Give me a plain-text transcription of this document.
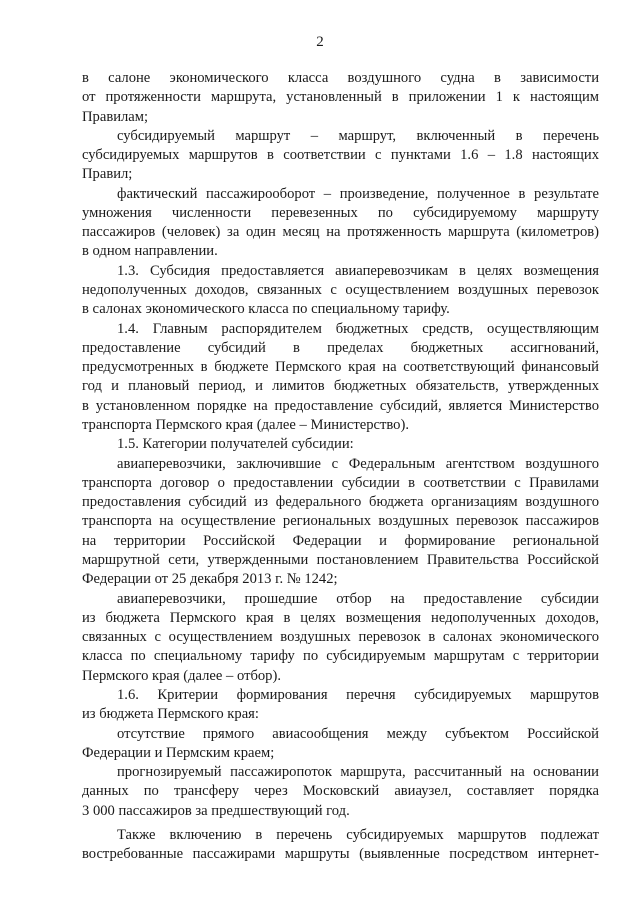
2
в салоне экономического класса воздушного судна в зависимости
от протяженности маршрута, установленный в приложении 1 к настоящим
Правилам;
субсидируемый маршрут – маршрут, включенный в перечень
субсидируемых маршрутов в соответствии с пунктами 1.6 – 1.8 настоящих
Правил;
фактический пассажирооборот – произведение, полученное в результате
умножения численности перевезенных по субсидируемому маршруту
пассажиров (человек) за один месяц на протяженность маршрута (километров)
в одном направлении.
1.3. Субсидия предоставляется авиаперевозчикам в целях возмещения
недополученных доходов, связанных с осуществлением воздушных перевозок
в салонах экономического класса по специальному тарифу.
1.4. Главным распорядителем бюджетных средств, осуществляющим
предоставление субсидий в пределах бюджетных ассигнований,
предусмотренных в бюджете Пермского края на соответствующий финансовый
год и плановый период, и лимитов бюджетных обязательств, утвержденных
в установленном порядке на предоставление субсидий, является Министерство
транспорта Пермского края (далее – Министерство).
1.5. Категории получателей субсидии:
авиаперевозчики, заключившие с Федеральным агентством воздушного
транспорта договор о предоставлении субсидии в соответствии с Правилами
предоставления субсидий из федерального бюджета организациям воздушного
транспорта на осуществление региональных воздушных перевозок пассажиров
на территории Российской Федерации и формирование региональной
маршрутной сети, утвержденными постановлением Правительства Российской
Федерации от 25 декабря 2013 г. № 1242;
авиаперевозчики, прошедшие отбор на предоставление субсидии
из бюджета Пермского края в целях возмещения недополученных доходов,
связанных с осуществлением воздушных перевозок в салонах экономического
класса по специальному тарифу по субсидируемым маршрутам с территории
Пермского края (далее – отбор).
1.6. Критерии формирования перечня субсидируемых маршрутов
из бюджета Пермского края:
отсутствие прямого авиасообщения между субъектом Российской
Федерации и Пермским краем;
прогнозируемый пассажиропоток маршрута, рассчитанный на основании
данных по трансферу через Московский авиаузел, составляет порядка
3 000 пассажиров за предшествующий год.
Также включению в перечень субсидируемых маршрутов подлежат
востребованные пассажирами маршруты (выявленные посредством интернет-
